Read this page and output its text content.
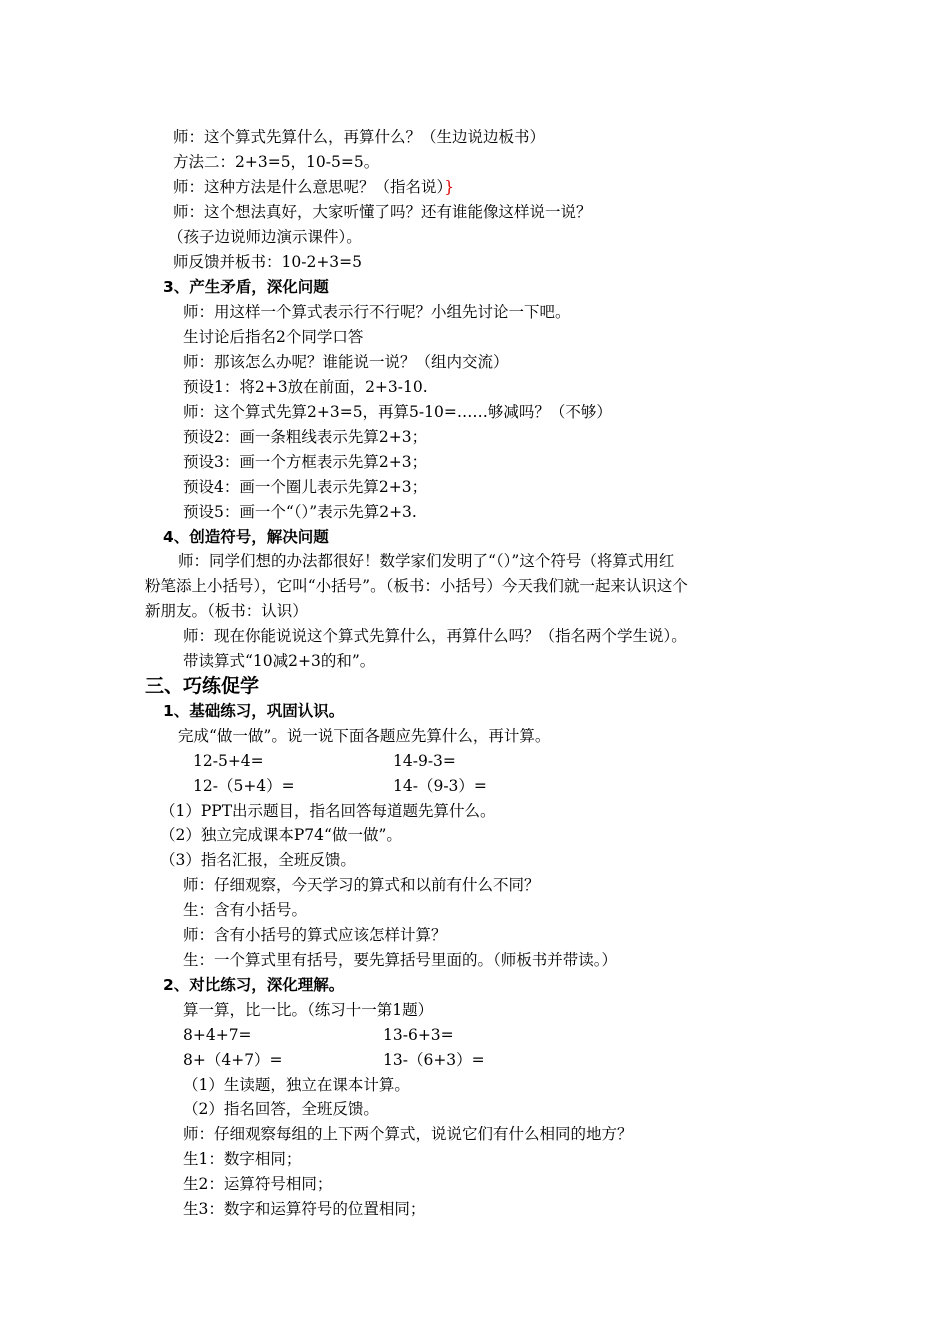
师：这个算式先算什么，再算什么？（生边说边板书）
方法二：2+3=5，10-5=5。
师：这种方法是什么意思呢？（指名说）}
师：这个想法真好，大家听懂了吗？还有谁能像这样说一说？
（孩子边说师边演示课件）。
师反馈并板书：10-2+3=5
3、产生矛盾，深化问题
师：用这样一个算式表示行不行呢？小组先讨论一下吧。
生讨论后指名2个同学口答
师：那该怎么办呢？谁能说一说？（组内交流）
预设1：将2+3放在前面，2+3-10.
师：这个算式先算2+3=5，再算5-10=……够减吗？（不够）
预设2：画一条粗线表示先算2+3；
预设3：画一个方框表示先算2+3；
预设4：画一个圈儿表示先算2+3；
预设5：画一个“（）”表示先算2+3.
4、创造符号，解决问题
师：同学们想的办法都很好！数学家们发明了“（）”这个符号（将算式用红
粉笔添上小括号），它叫“小括号”。（板书：小括号）今天我们就一起来认识这个
新朋友。（板书：认识）
师：现在你能说说这个算式先算什么，再算什么吗？（指名两个学生说）。
带读算式“10减2+3的和”。
三、巧练促学
1、基础练习，巩固认识。
完成“做一做”。说一说下面各题应先算什么，再计算。
12-5+4=	14-9-3=
12-（5+4）=	14-（9-3）=
（1）PPT出示题目，指名回答每道题先算什么。
（2）独立完成课本P74“做一做”。
（3）指名汇报，全班反馈。
师：仔细观察，今天学习的算式和以前有什么不同？
生：含有小括号。
师：含有小括号的算式应该怎样计算？
生：一个算式里有括号，要先算括号里面的。（师板书并带读。）
2、对比练习，深化理解。
算一算，比一比。（练习十一第1题）
8+4+7=	13-6+3=
8+（4+7）=	13-（6+3）=
（1）生读题，独立在课本计算。
（2）指名回答，全班反馈。
师：仔细观察每组的上下两个算式，说说它们有什么相同的地方？
生1：数字相同；
生2：运算符号相同；
生3：数字和运算符号的位置相同；
